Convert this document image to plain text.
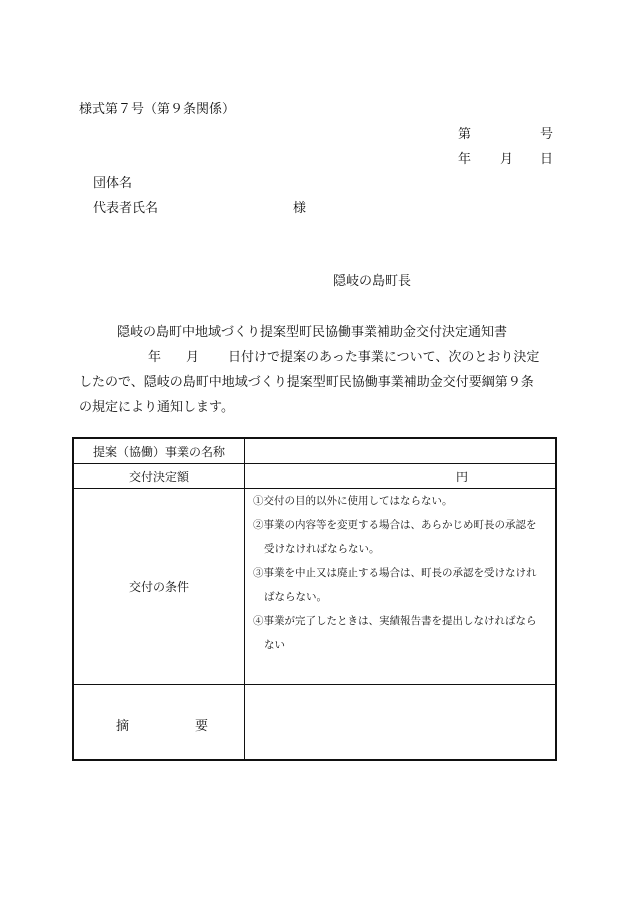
様式第７号（第９条関係）
第	号
年 月 日
団体名
代表者氏名	様
隠岐の島町長
隠岐の島町中地域づくり提案型町民協働事業補助金交付決定通知書
年 月 日付けで提案のあった事業について、次のとおり決定
したので、隠岐の島町中地域づくり提案型町民協働事業補助金交付要綱第９条
の規定により通知します。
提案（協働）事業の名称
交付決定額	円
交付の条件
①交付の目的以外に使用してはならない。
②事業の内容等を変更する場合は、あらかじめ町長の承認を
受けなければならない。
③事業を中止又は廃止する場合は、町長の承認を受けなけれ
ばならない。
④事業が完了したときは、実績報告書を提出しなければなら
ない
摘	要
